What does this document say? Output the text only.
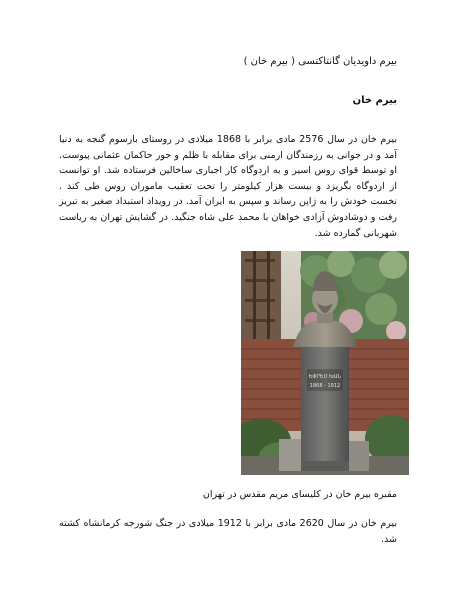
بیرم داویدیان گانتاکتسی ( بیرم خان )
بیرم خان
بیرم خان در سال 2576 مادی برابر با 1868 میلادی در روستای بارسوم گنجه به دنیا آمد و در جوانی به رزمندگان ارمنی برای مقابله با ظلم و جور حاکمان عثمانی پیوست. او توسط قوای روس اسیر و به اردوگاه کار اجباری ساخالین فرستاده شد. او توانست از اردوگاه بگریزد و بیست هزار کیلومتر را تحت تعقیب ماموران روس طی کند . نخست خودش را به ژاپن رساند و سپس به ایران آمد. در رویداد استبداد صغیر به تبریز رفت و دوشادوش آزادی خواهان با محمد علی شاه جنگید. در گشایش تهران به ریاست شهربانی گمارده شد.
ԵՓՐԵՄ ԽԱՆ
1868 - 1912
مقبره بیرم خان در کلیسای مریم مقدس در تهران
بیرم خان در سال 2620 مادی برابر با 1912 میلادی در جنگ شورجه کرمانشاه کشته شد.
